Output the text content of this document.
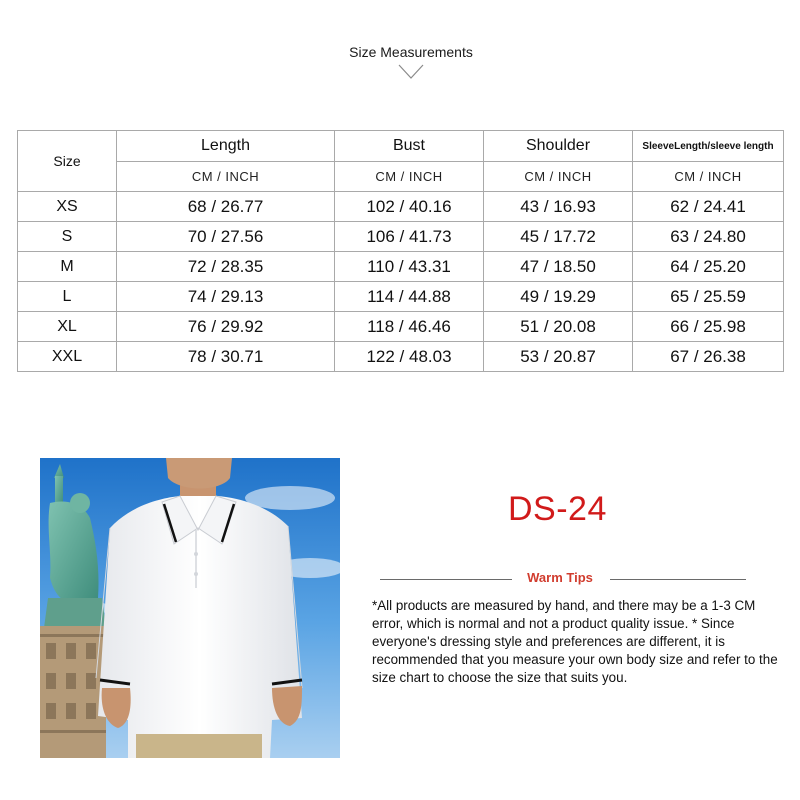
Size Measurements
Size	Length	Bust	Shoulder	SleeveLength/sleeve length
	CM / INCH	CM / INCH	CM / INCH	CM / INCH
XS	68 / 26.77	102 / 40.16	43 / 16.93	62 / 24.41
S	70 / 27.56	106 / 41.73	45 / 17.72	63 / 24.80
M	72 / 28.35	110 / 43.31	47 / 18.50	64 / 25.20
L	74 / 29.13	114 / 44.88	49 / 19.29	65 / 25.59
XL	76 / 29.92	118 / 46.46	51 / 20.08	66 / 25.98
XXL	78 / 30.71	122 / 48.03	53 / 20.87	67 / 26.38
DS-24
Warm Tips
*All products are measured by hand, and there may be a 1-3 CM error, which is normal and not a product quality issue. * Since everyone's dressing style and preferences are different, it is recommended that you measure your own body size and refer to the size chart to choose the size that suits you.
